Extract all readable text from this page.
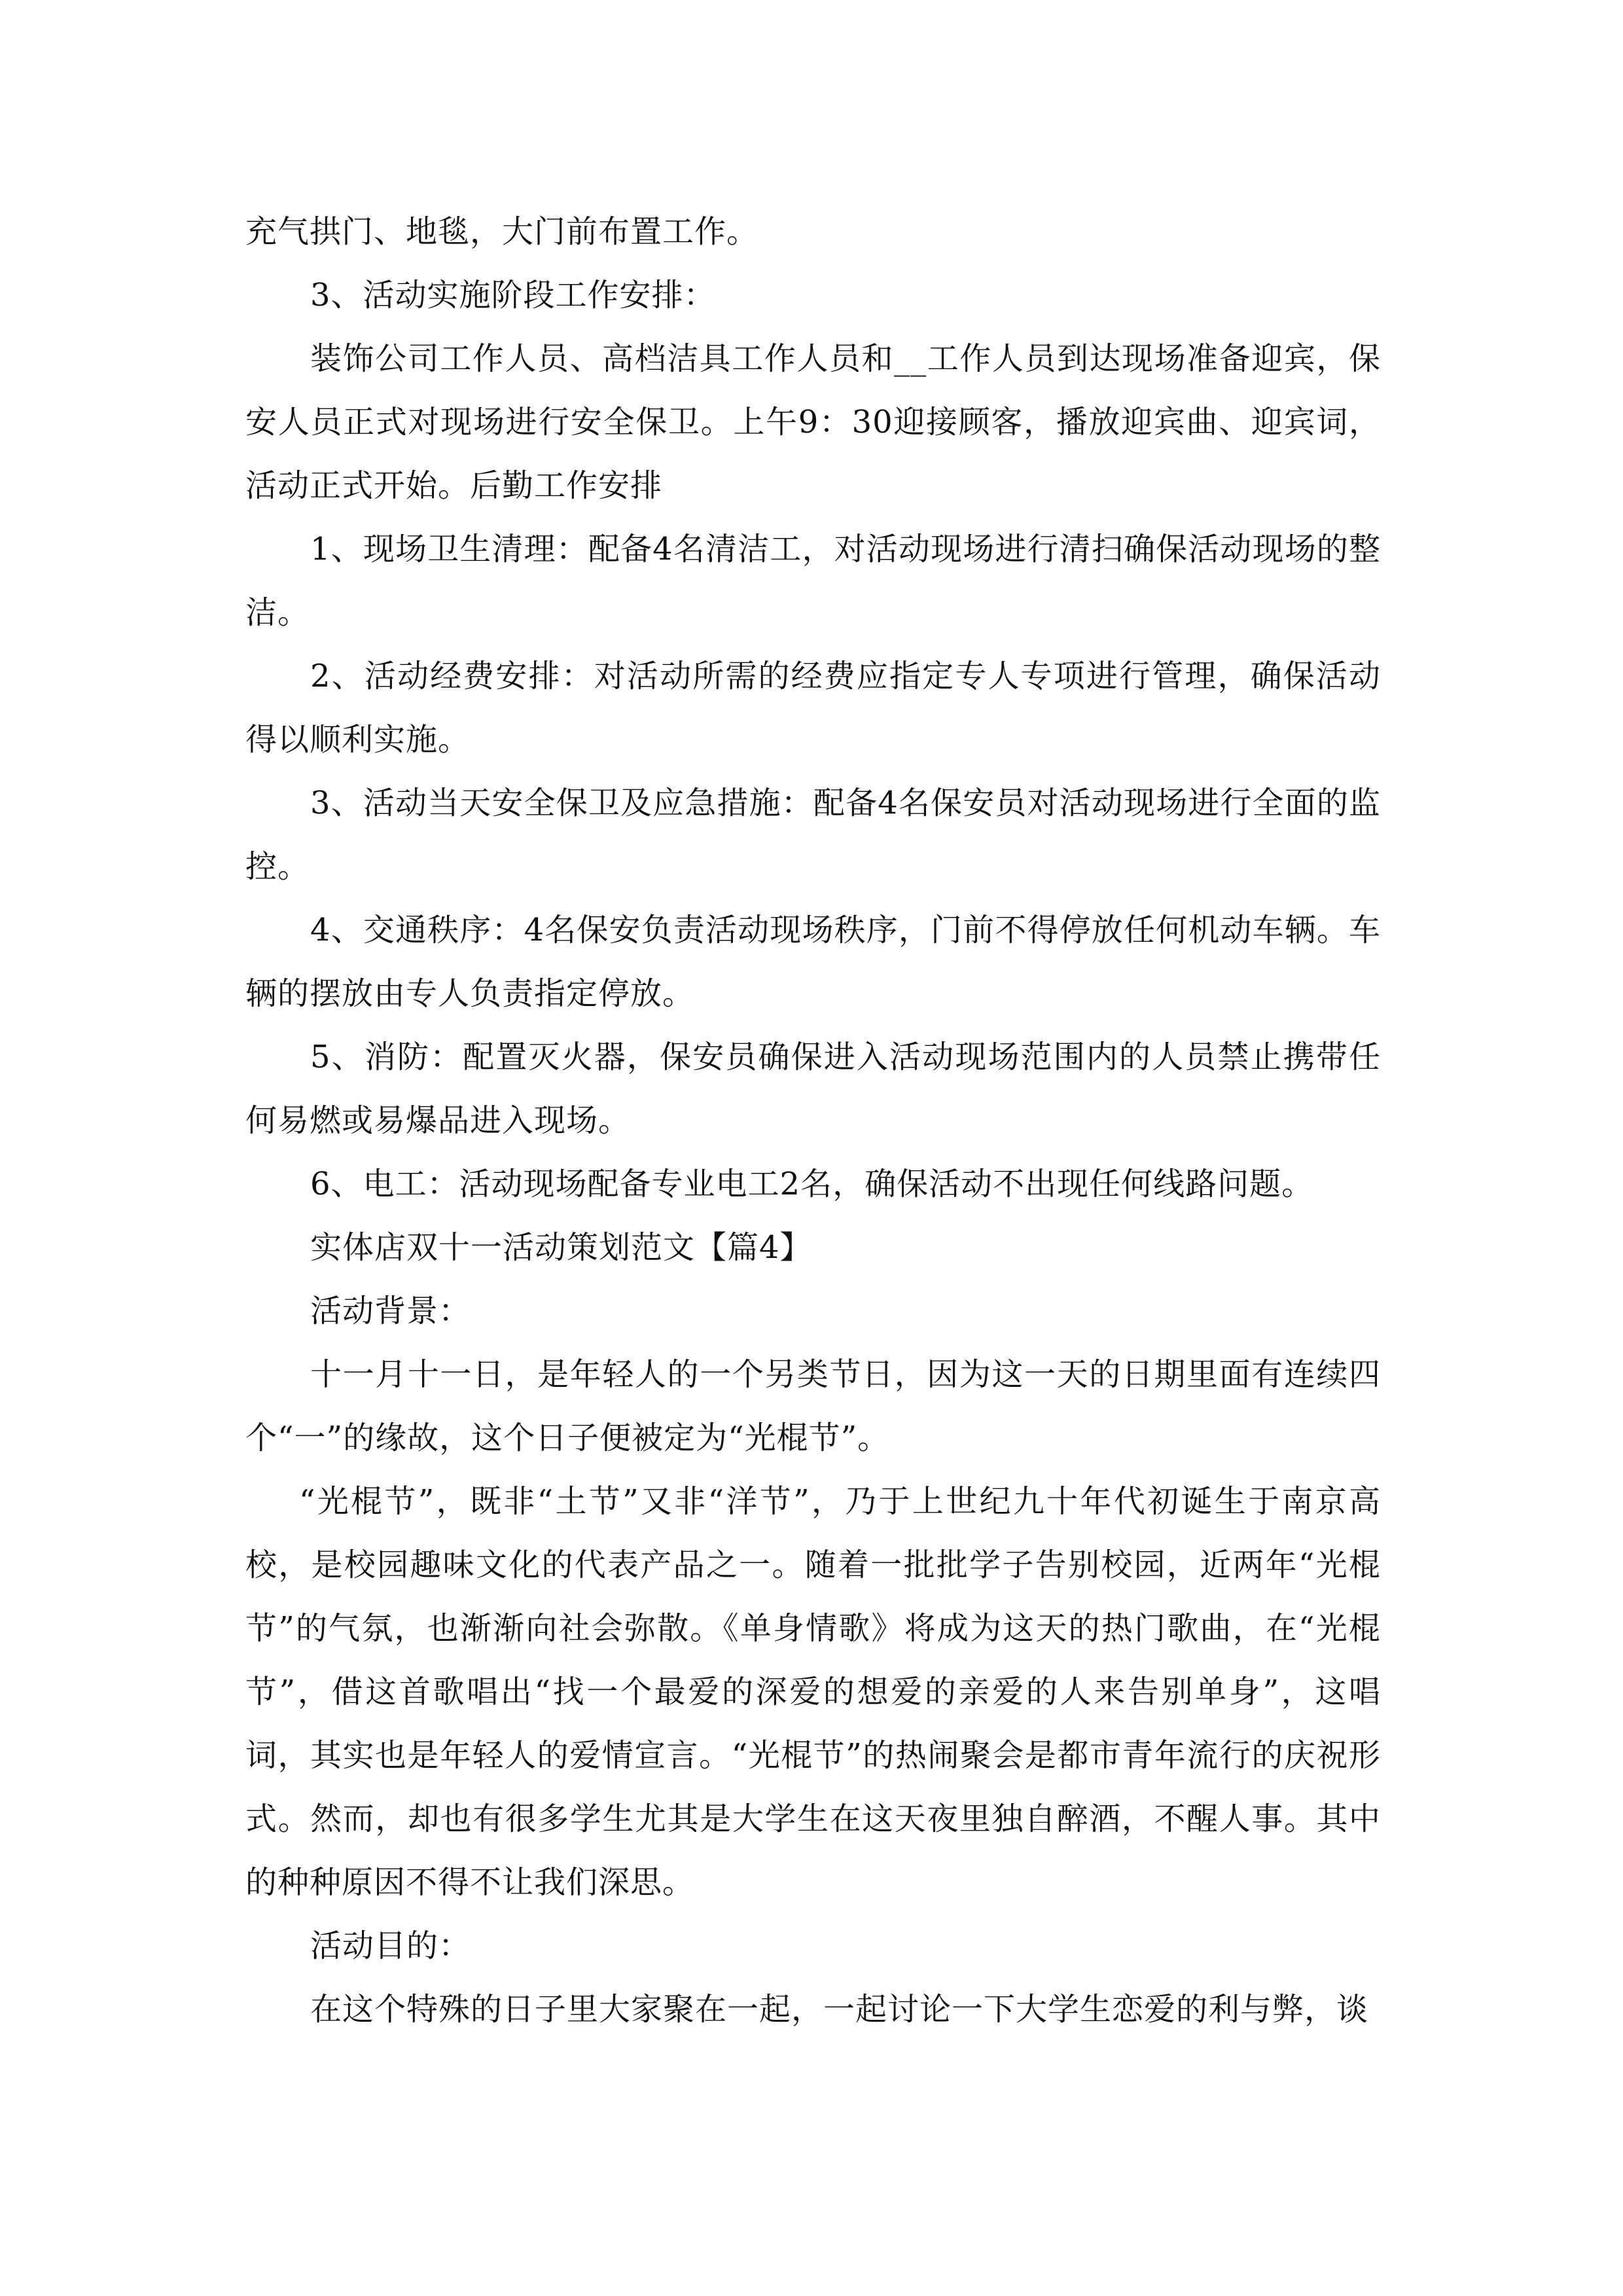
充气拱门、地毯，大门前布置工作。

3、活动实施阶段工作安排：

装饰公司工作人员、高档洁具工作人员和__工作人员到达现场准备迎宾，保安人员正式对现场进行安全保卫。上午9：30迎接顾客，播放迎宾曲、迎宾词，活动正式开始。后勤工作安排

1、现场卫生清理：配备4名清洁工，对活动现场进行清扫确保活动现场的整洁。

2、活动经费安排：对活动所需的经费应指定专人专项进行管理，确保活动得以顺利实施。

3、活动当天安全保卫及应急措施：配备4名保安员对活动现场进行全面的监控。

4、交通秩序：4名保安负责活动现场秩序，门前不得停放任何机动车辆。车辆的摆放由专人负责指定停放。

5、消防：配置灭火器，保安员确保进入活动现场范围内的人员禁止携带任何易燃或易爆品进入现场。

6、电工：活动现场配备专业电工2名，确保活动不出现任何线路问题。

实体店双十一活动策划范文【篇4】

活动背景：

十一月十一日，是年轻人的一个另类节日，因为这一天的日期里面有连续四个“一”的缘故，这个日子便被定为“光棍节”。

“光棍节”，既非“土节”又非“洋节”，乃于上世纪九十年代初诞生于南京高校，是校园趣味文化的代表产品之一。随着一批批学子告别校园，近两年“光棍节”的气氛，也渐渐向社会弥散。《单身情歌》将成为这天的热门歌曲，在“光棍节”，借这首歌唱出“找一个最爱的深爱的想爱的亲爱的人来告别单身”，这唱词，其实也是年轻人的爱情宣言。“光棍节”的热闹聚会是都市青年流行的庆祝形式。然而，却也有很多学生尤其是大学生在这天夜里独自醉酒，不醒人事。其中的种种原因不得不让我们深思。

活动目的：

在这个特殊的日子里大家聚在一起，一起讨论一下大学生恋爱的利与弊，谈
